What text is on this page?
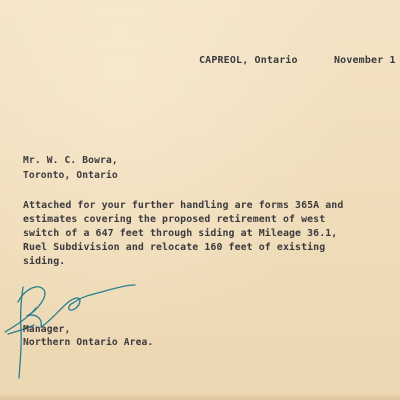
CAPREOL, Ontario	November 1

Mr. W. C. Bowra,

Toronto, Ontario

Attached for your further handling are forms 365A and

estimates covering the proposed retirement of west

switch of a 647 feet through siding at Mileage 36.1,

Ruel Subdivision and relocate 160 feet of existing

siding.

Manager,

Northern Ontario Area.
